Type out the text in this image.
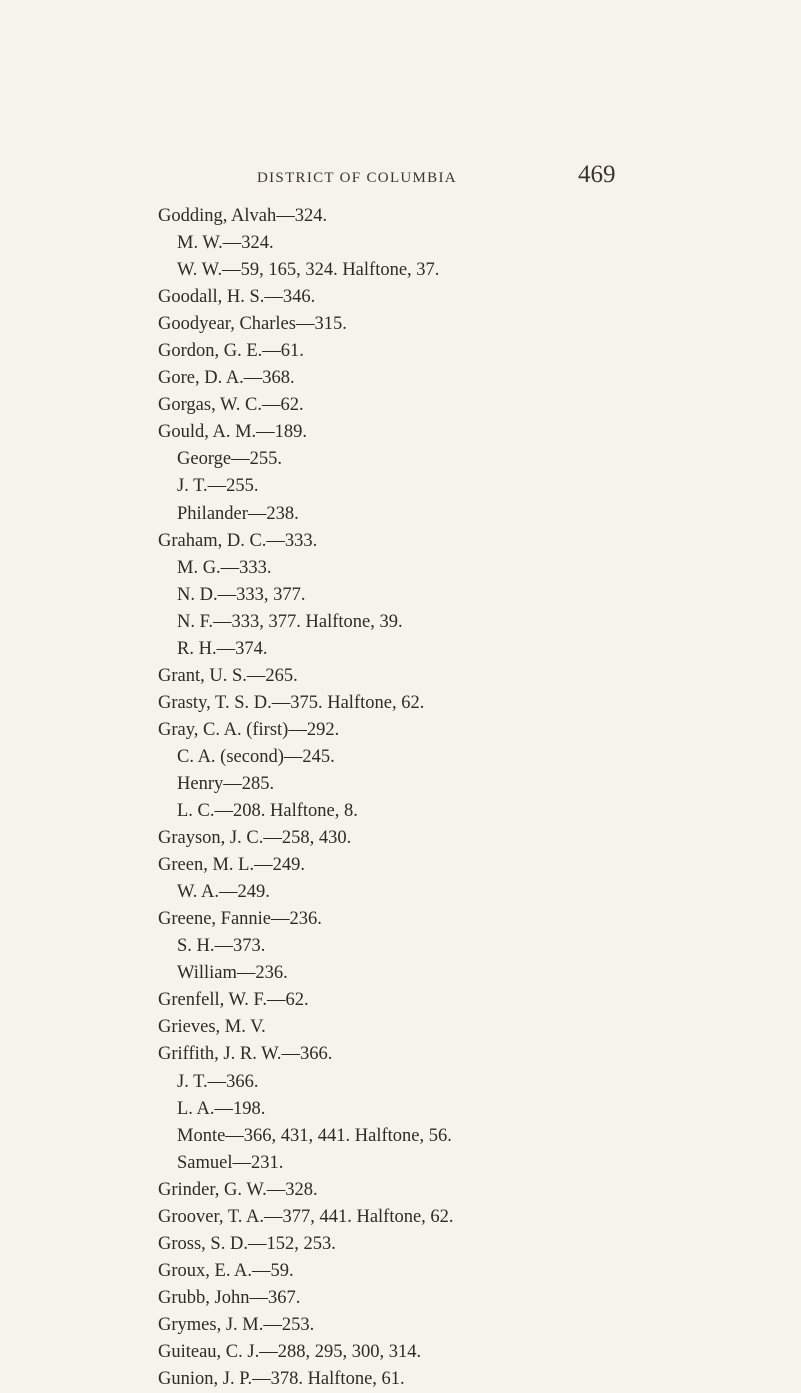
DISTRICT OF COLUMBIA	469
Godding, Alvah—324.
M. W.—324.
W. W.—59, 165, 324. Halftone, 37.
Goodall, H. S.—346.
Goodyear, Charles—315.
Gordon, G. E.—61.
Gore, D. A.—368.
Gorgas, W. C.—62.
Gould, A. M.—189.
George—255.
J. T.—255.
Philander—238.
Graham, D. C.—333.
M. G.—333.
N. D.—333, 377.
N. F.—333, 377. Halftone, 39.
R. H.—374.
Grant, U. S.—265.
Grasty, T. S. D.—375. Halftone, 62.
Gray, C. A. (first)—292.
C. A. (second)—245.
Henry—285.
L. C.—208. Halftone, 8.
Grayson, J. C.—258, 430.
Green, M. L.—249.
W. A.—249.
Greene, Fannie—236.
S. H.—373.
William—236.
Grenfell, W. F.—62.
Grieves, M. V.
Griffith, J. R. W.—366.
J. T.—366.
L. A.—198.
Monte—366, 431, 441. Halftone, 56.
Samuel—231.
Grinder, G. W.—328.
Groover, T. A.—377, 441. Halftone, 62.
Gross, S. D.—152, 253.
Groux, E. A.—59.
Grubb, John—367.
Grymes, J. M.—253.
Guiteau, C. J.—288, 295, 300, 314.
Gunion, J. P.—378. Halftone, 61.
